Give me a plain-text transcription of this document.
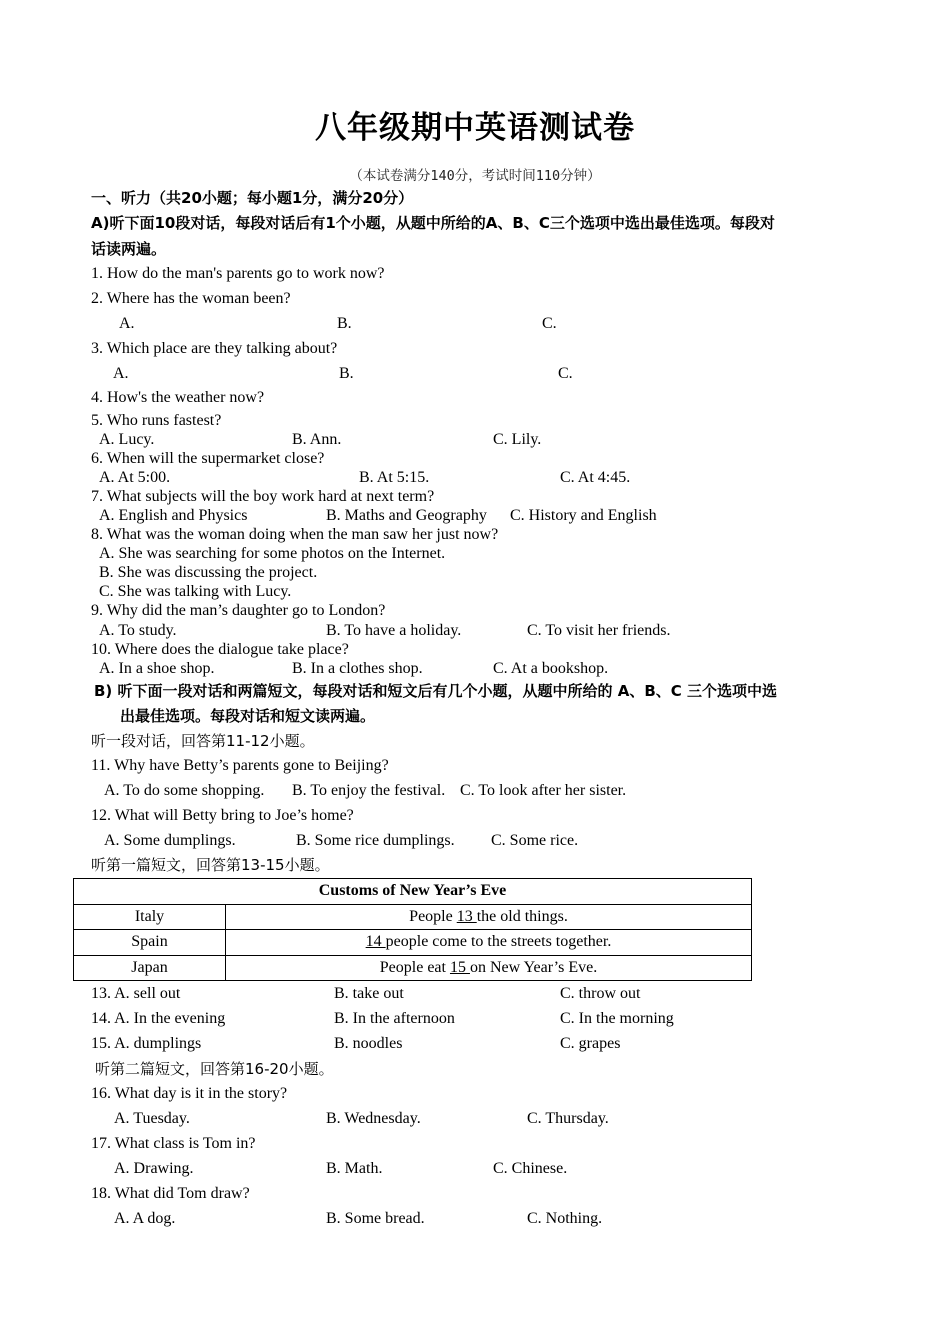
八年级期中英语测试卷
（本试卷满分140分，考试时间110分钟）
一、听力（共20小题；每小题1分，满分20分）
A)听下面10段对话，每段对话后有1个小题，从题中所给的A、B、C三个选项中选出最佳选项。每段对
话读两遍。
1. How do the man's parents go to work now?
2. Where has the woman been?
A.	B.	C.
3. Which place are they talking about?
A.	B.	C.
4. How's the weather now?
5. Who runs fastest?
A. Lucy.	B. Ann.	C. Lily.
6. When will the supermarket close?
A. At 5:00.	B. At 5:15.	C. At 4:45.
7. What subjects will the boy work hard at next term?
A. English and Physics	B. Maths and Geography C. History and English
8. What was the woman doing when the man saw her just now?
A. She was searching for some photos on the Internet.
B. She was discussing the project.
C. She was talking with Lucy.
9. Why did the man’s daughter go to London?
A. To study.	B. To have a holiday.	C. To visit her friends.
10. Where does the dialogue take place?
A. In a shoe shop.	B. In a clothes shop.	C. At a bookshop.
B) 听下面一段对话和两篇短文，每段对话和短文后有几个小题，从题中所给的 A、B、C 三个选项中选
出最佳选项。每段对话和短文读两遍。
听一段对话，回答第11-12小题。
11. Why have Betty’s parents gone to Beijing?
A. To do some shopping. B. To enjoy the festival. C. To look after her sister.
12. What will Betty bring to Joe’s home?
A. Some dumplings.	B. Some rice dumplings. C. Some rice.
听第一篇短文，回答第13-15小题。
Customs of New Year’s Eve	
Italy	People 13 the old things.
Spain	14 people come to the streets together.
Japan	People eat 15 on New Year’s Eve.
13. A. sell out	B. take out	C. throw out
14. A. In the evening	B. In the afternoon	C. In the morning
15. A. dumplings	B. noodles	C. grapes
听第二篇短文，回答第16-20小题。
16. What day is it in the story?
A. Tuesday.	B. Wednesday.	C. Thursday.
17. What class is Tom in?
A. Drawing.	B. Math.	C. Chinese.
18. What did Tom draw?
A. A dog.	B. Some bread.	C. Nothing.
